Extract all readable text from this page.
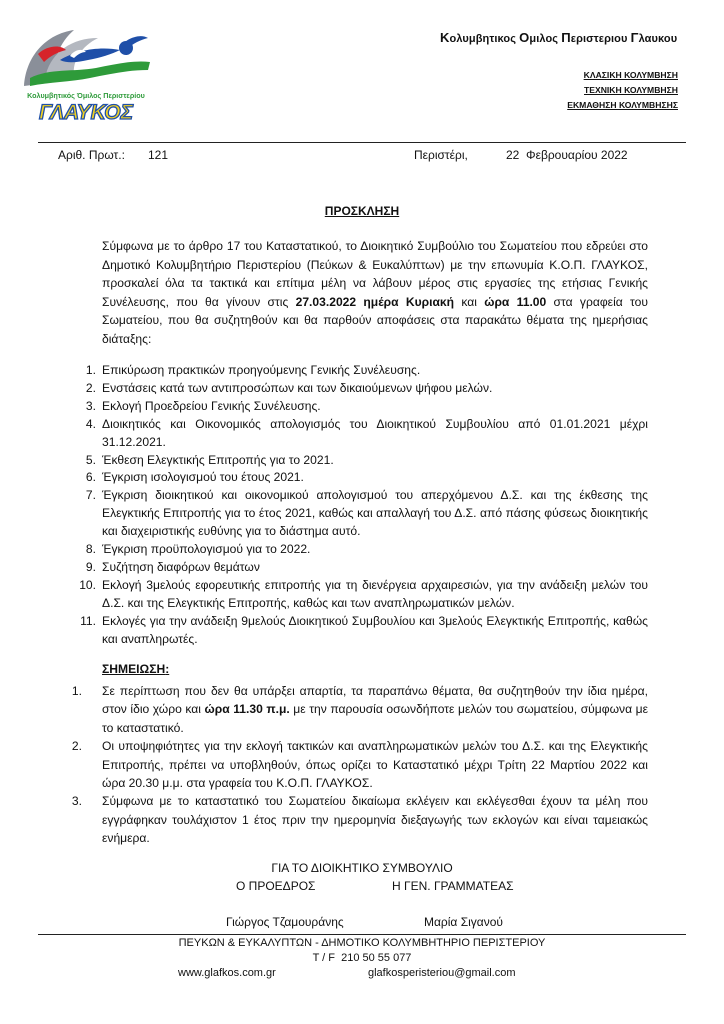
Κολυμβητικός Όμιλος Περιστερίου
ΓΛΑΥΚΟΣ
Κολυμβητικος Ομιλος Περιστεριου Γλαυκου
ΚΛΑΣΙΚΗ ΚΟΛΥΜΒΗΣΗ
ΤΕΧΝΙΚΗ ΚΟΛΥΜΒΗΣΗ
ΕΚΜΑΘΗΣΗ ΚΟΛΥΜΒΗΣΗΣ
Αριθ. Πρωτ.: 121	Περιστέρι,	22  Φεβρουαρίου 2022
ΠΡΟΣΚΛΗΣΗ
Σύμφωνα με το άρθρο 17 του Καταστατικού, το Διοικητικό Συμβούλιο του Σωματείου που εδρεύει στο Δημοτικό Κολυμβητήριο Περιστερίου (Πεύκων & Ευκαλύπτων) με την επωνυμία Κ.Ο.Π. ΓΛΑΥΚΟΣ, προσκαλεί όλα τα τακτικά και επίτιμα μέλη να λάβουν μέρος στις εργασίες της ετήσιας Γενικής Συνέλευσης, που θα γίνουν στις 27.03.2022 ημέρα Κυριακή και ώρα 11.00 στα γραφεία του Σωματείου, που θα συζητηθούν και θα παρθούν αποφάσεις στα παρακάτω θέματα της ημερήσιας διάταξης:
1. Επικύρωση πρακτικών προηγούμενης Γενικής Συνέλευσης.
2. Ενστάσεις κατά των αντιπροσώπων και των δικαιούμενων ψήφου μελών.
3. Εκλογή Προεδρείου Γενικής Συνέλευσης.
4. Διοικητικός και Οικονομικός απολογισμός του Διοικητικού Συμβουλίου από 01.01.2021 μέχρι 31.12.2021.
5. Έκθεση Ελεγκτικής Επιτροπής για το 2021.
6. Έγκριση ισολογισμού του έτους 2021.
7. Έγκριση διοικητικού και οικονομικού απολογισμού του απερχόμενου Δ.Σ. και της έκθεσης της Ελεγκτικής Επιτροπής για το έτος 2021, καθώς και απαλλαγή του Δ.Σ. από πάσης φύσεως διοικητικής και διαχειριστικής ευθύνης για το διάστημα αυτό.
8. Έγκριση προϋπολογισμού για το 2022.
9. Συζήτηση διαφόρων θεμάτων
10. Εκλογή 3μελούς εφορευτικής επιτροπής για τη διενέργεια αρχαιρεσιών, για την ανάδειξη μελών του Δ.Σ. και της Ελεγκτικής Επιτροπής, καθώς και των αναπληρωματικών μελών.
11. Εκλογές για την ανάδειξη 9μελούς Διοικητικού Συμβουλίου και 3μελούς Ελεγκτικής Επιτροπής, καθώς και αναπληρωτές.
ΣΗΜΕΙΩΣΗ:
1. Σε περίπτωση που δεν θα υπάρξει απαρτία, τα παραπάνω θέματα, θα συζητηθούν την ίδια ημέρα, στον ίδιο χώρο και ώρα 11.30 π.μ. με την παρουσία οσωνδήποτε μελών του σωματείου, σύμφωνα με το καταστατικό.
2. Οι υποψηφιότητες για την εκλογή τακτικών και αναπληρωματικών μελών του Δ.Σ. και της Ελεγκτικής Επιτροπής, πρέπει να υποβληθούν, όπως ορίζει το Καταστατικό μέχρι Τρίτη 22 Μαρτίου 2022 και ώρα 20.30 μ.μ. στα γραφεία του Κ.Ο.Π. ΓΛΑΥΚΟΣ.
3. Σύμφωνα με το καταστατικό του Σωματείου δικαίωμα εκλέγειν και εκλέγεσθαι έχουν τα μέλη που εγγράφηκαν τουλάχιστον 1 έτος πριν την ημερομηνία διεξαγωγής των εκλογών και είναι ταμειακώς ενήμερα.
ΓΙΑ ΤΟ ΔΙΟΙΚΗΤΙΚΟ ΣΥΜΒΟΥΛΙΟ
Ο ΠΡΟΕΔΡΟΣ	Η ΓΕΝ. ΓΡΑΜΜΑΤΕΑΣ
Γιώργος Τζαμουράνης	Μαρία Σιγανού
ΠΕΥΚΩΝ & ΕΥΚΑΛΥΠΤΩΝ - ΔΗΜΟΤΙΚΟ ΚΟΛΥΜΒΗΤΗΡΙΟ ΠΕΡΙΣΤΕΡΙΟΥ
T / F  210 50 55 077
www.glafkos.com.gr	glafkosperisteriou@gmail.com
